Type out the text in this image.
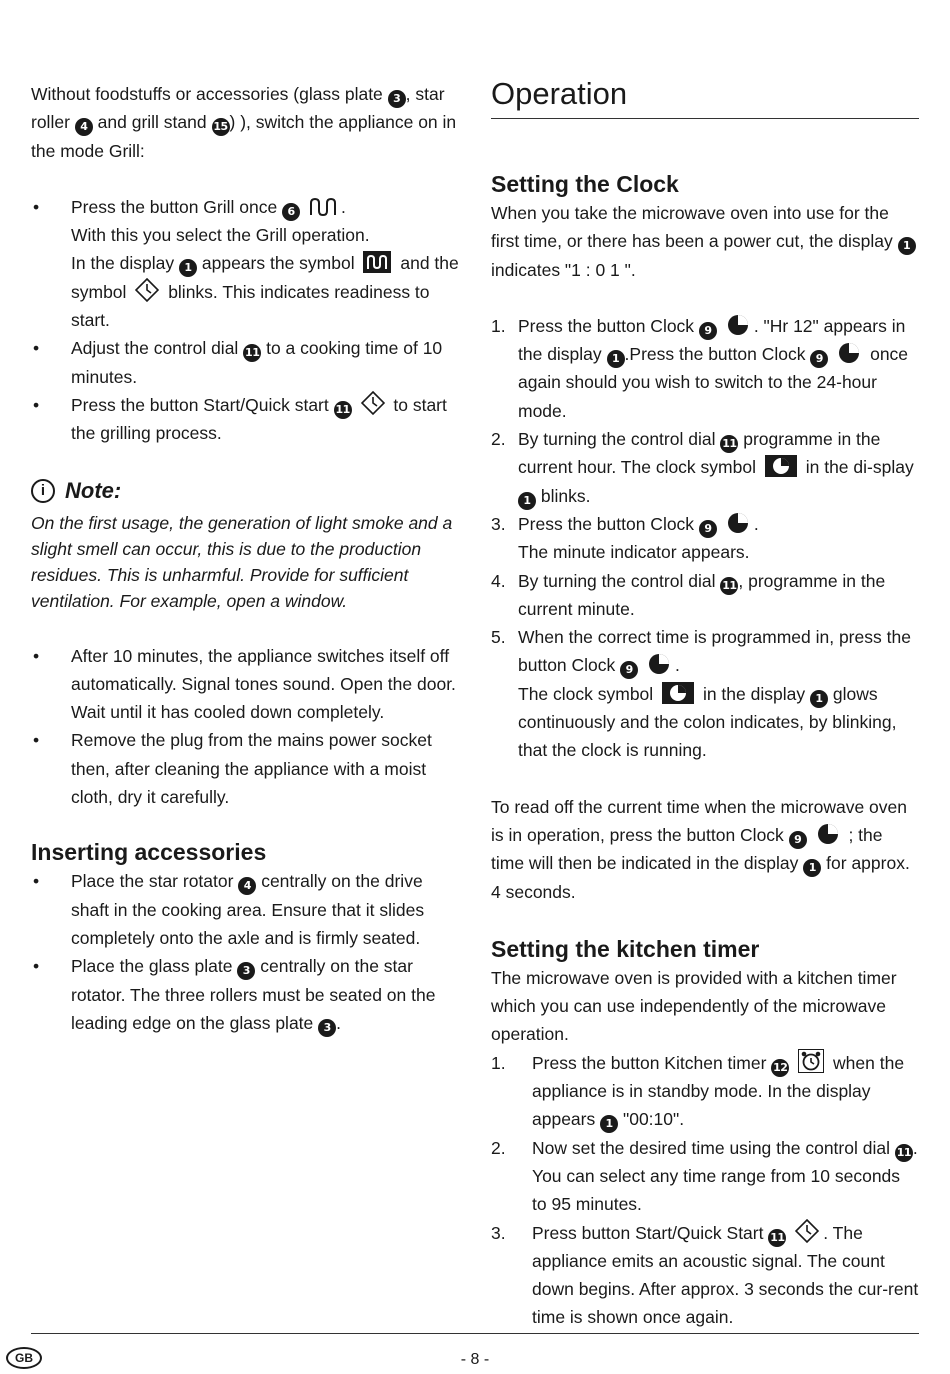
Without foodstuffs or accessories (glass plate 3 , star roller 4 and grill stand 15 ) ), switch the appliance on in the mode Grill:

• Press the button Grill once 6	.
With this you select the Grill operation.
In the display 1 appears the symbol	and the symbol blinks. This indicates readiness to start.
• Adjust the control dial 11 to a cooking time of 10 minutes.
• Press the button Start/Quick start 11 to start the grilling process.
i Note:

On the first usage, the generation of light smoke and a slight smell can occur, this is due to the production residues. This is unharmful. Provide for sufficient ventilation. For example, open a window.

• After 10 minutes, the appliance switches itself off automatically. Signal tones sound. Open the door. Wait until it has cooled down completely.
• Remove the plug from the mains power socket then, after cleaning the appliance with a moist cloth, dry it carefully.
Inserting accessories
• Place the star rotator 4 centrally on the drive shaft in the cooking area. Ensure that it slides completely onto the axle and is firmly seated.
• Place the glass plate 3 centrally on the star rotator. The three rollers must be seated on the leading edge on the glass plate 3 .
Operation
Setting the Clock

When you take the microwave oven into use for the first time, or there has been a power cut, the display 1 indicates "1 : 0 1 ".

1. Press the button Clock 9 . "Hr 12" appears in the display 1 .Press the button Clock 9	once again should you wish to switch to the 24-hour mode.
2. By turning the control dial 11 programme in the current hour. The clock symbol	in the di-splay 1 blinks.
3. Press the button Clock 9 .
The minute indicator appears.
4. By turning the control dial 11 , programme in the current minute.
5. When the correct time is programmed in, press the button Clock 9 .
The clock symbol	in the display 1 glows continuously and the colon indicates, by blinking, that the clock is running.

To read off the current time when the microwave oven is in operation, press the button Clock 9	; the time will then be indicated in the display 1 for approx. 4 seconds.

Setting the kitchen timer

The microwave oven is provided with a kitchen timer which you can use independently of the microwave operation.

1. Press the button Kitchen timer 12	when the appliance is in standby mode. In the display appears 1 "00:10".
2. Now set the desired time using the control dial 11 . You can select any time range from 10 seconds to 95 minutes.
3. Press button Start/Quick Start 11 . The appliance emits an acoustic signal. The count down begins. After approx. 3 seconds the cur-rent time is shown once again.
GB	- 8 -
